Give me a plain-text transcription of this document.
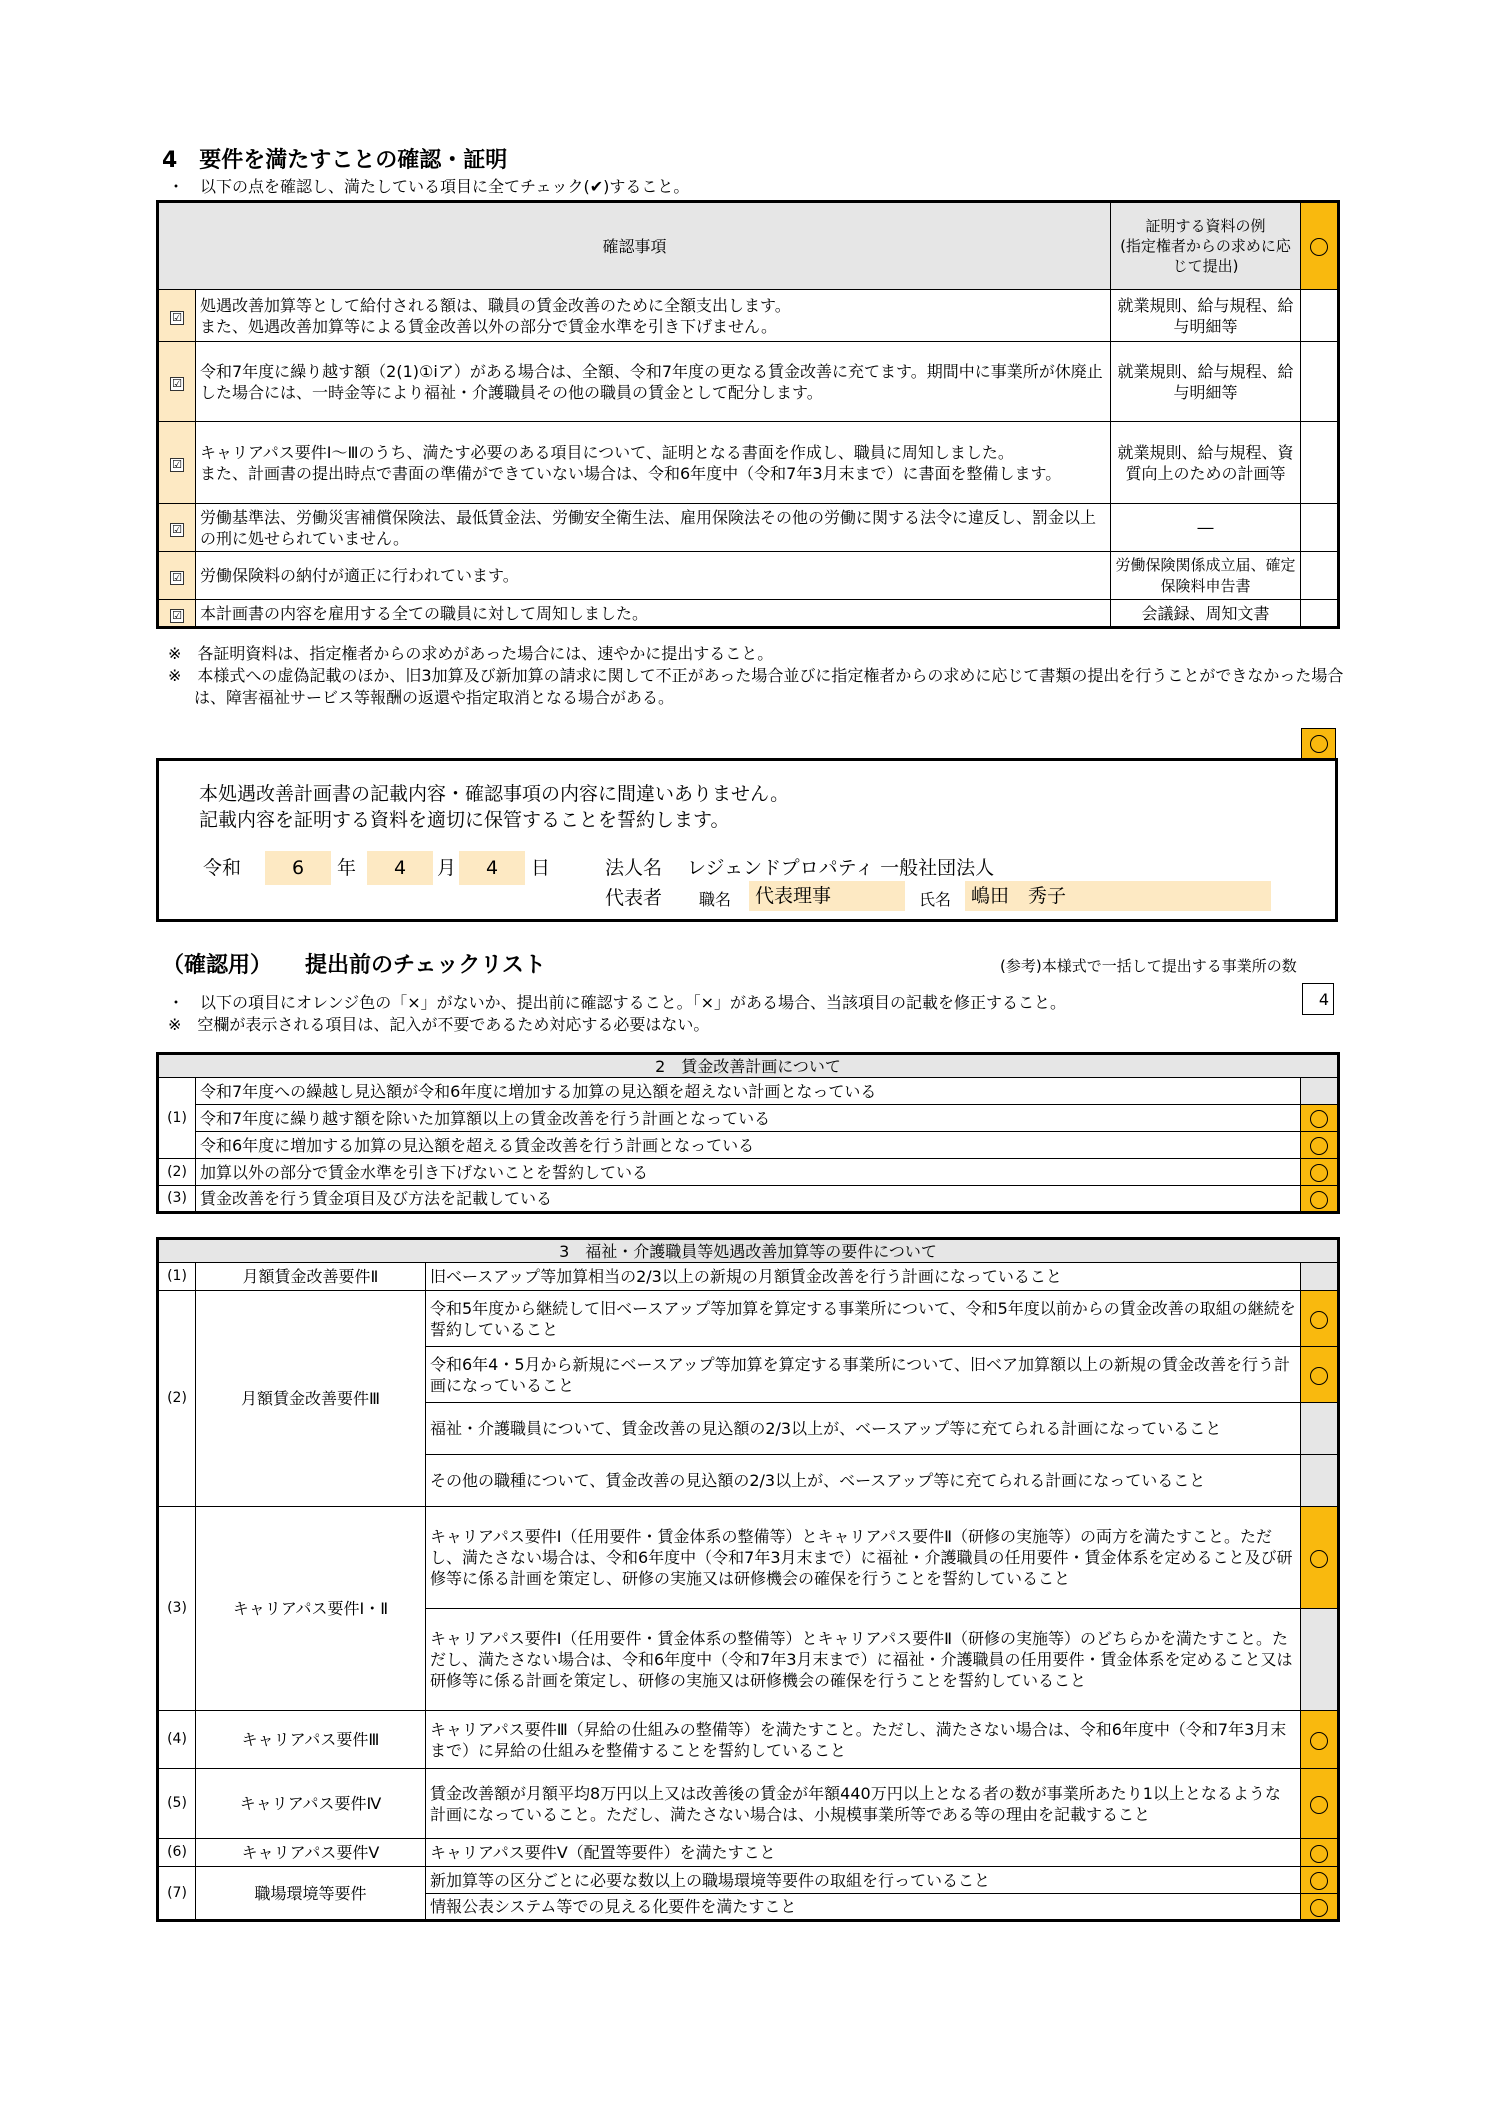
4　要件を満たすことの確認・証明
・　以下の点を確認し、満たしている項目に全てチェック(✔)すること。
確認事項		証明する資料の例
(指定権者からの求めに応じて提出)	
☑	処遇改善加算等として給付される額は、職員の賃金改善のために全額支出します。
また、処遇改善加算等による賃金改善以外の部分で賃金水準を引き下げません。	就業規則、給与規程、給与明細等	
☑	令和7年度に繰り越す額（2(1)①ⅰア）がある場合は、全額、令和7年度の更なる賃金改善に充てます。期間中に事業所が休廃止した場合には、一時金等により福祉・介護職員その他の職員の賃金として配分します。	就業規則、給与規程、給与明細等	
☑	キャリアパス要件Ⅰ～Ⅲのうち、満たす必要のある項目について、証明となる書面を作成し、職員に周知しました。
また、計画書の提出時点で書面の準備ができていない場合は、令和6年度中（令和7年3月末まで）に書面を整備します。	就業規則、給与規程、資質向上のための計画等	
☑	労働基準法、労働災害補償保険法、最低賃金法、労働安全衛生法、雇用保険法その他の労働に関する法令に違反し、罰金以上の刑に処せられていません。	―	
☑	労働保険料の納付が適正に行われています。	労働保険関係成立届、確定保険料申告書	
☑	本計画書の内容を雇用する全ての職員に対して周知しました。	会議録、周知文書	
※　各証明資料は、指定権者からの求めがあった場合には、速やかに提出すること。
※　本様式への虚偽記載のほか、旧3加算及び新加算の請求に関して不正があった場合並びに指定権者からの求めに応じて書類の提出を行うことができなかった場合は、障害福祉サービス等報酬の返還や指定取消となる場合がある。
本処遇改善計画書の記載内容・確認事項の内容に間違いありません。
記載内容を証明する資料を適切に保管することを誓約します。
令和	6	年	4	月	4	日	法人名 レジェンドプロパティ 一般社団法人
代表者 職名	代表理事	氏名	嶋田　秀子
（確認用）　　提出前のチェックリスト	(参考)本様式で一括して提出する事業所の数
4
・　以下の項目にオレンジ色の「×」がないか、提出前に確認すること。「×」がある場合、当該項目の記載を修正すること。
※　空欄が表示される項目は、記入が不要であるため対応する必要はない。
2　賃金改善計画について		
(1)	令和7年度への繰越し見込額が令和6年度に増加する加算の見込額を超えない計画となっている	
	令和7年度に繰り越す額を除いた加算額以上の賃金改善を行う計画となっている	
	令和6年度に増加する加算の見込額を超える賃金改善を行う計画となっている	
(2)	加算以外の部分で賃金水準を引き下げないことを誓約している	
(3)	賃金改善を行う賃金項目及び方法を記載している	
3　福祉・介護職員等処遇改善加算等の要件について			
(1)	月額賃金改善要件Ⅱ	旧ベースアップ等加算相当の2/3以上の新規の月額賃金改善を行う計画になっていること	
(2)	月額賃金改善要件Ⅲ	令和5年度から継続して旧ベースアップ等加算を算定する事業所について、令和5年度以前からの賃金改善の取組の継続を誓約していること	
		令和6年4・5月から新規にベースアップ等加算を算定する事業所について、旧ベア加算額以上の新規の賃金改善を行う計画になっていること	
		福祉・介護職員について、賃金改善の見込額の2/3以上が、ベースアップ等に充てられる計画になっていること	
		その他の職種について、賃金改善の見込額の2/3以上が、ベースアップ等に充てられる計画になっていること	
(3)	キャリアパス要件Ⅰ・Ⅱ	キャリアパス要件Ⅰ（任用要件・賃金体系の整備等）とキャリアパス要件Ⅱ（研修の実施等）の両方を満たすこと。ただし、満たさない場合は、令和6年度中（令和7年3月末まで）に福祉・介護職員の任用要件・賃金体系を定めること及び研修等に係る計画を策定し、研修の実施又は研修機会の確保を行うことを誓約していること	
		キャリアパス要件Ⅰ（任用要件・賃金体系の整備等）とキャリアパス要件Ⅱ（研修の実施等）のどちらかを満たすこと。ただし、満たさない場合は、令和6年度中（令和7年3月末まで）に福祉・介護職員の任用要件・賃金体系を定めること又は研修等に係る計画を策定し、研修の実施又は研修機会の確保を行うことを誓約していること	
(4)	キャリアパス要件Ⅲ	キャリアパス要件Ⅲ（昇給の仕組みの整備等）を満たすこと。ただし、満たさない場合は、令和6年度中（令和7年3月末まで）に昇給の仕組みを整備することを誓約していること	
(5)	キャリアパス要件Ⅳ	賃金改善額が月額平均8万円以上又は改善後の賃金が年額440万円以上となる者の数が事業所あたり1以上となるような計画になっていること。ただし、満たさない場合は、小規模事業所等である等の理由を記載すること	
(6)	キャリアパス要件Ⅴ	キャリアパス要件Ⅴ（配置等要件）を満たすこと	
(7)	職場環境等要件	新加算等の区分ごとに必要な数以上の職場環境等要件の取組を行っていること	
		情報公表システム等での見える化要件を満たすこと	
